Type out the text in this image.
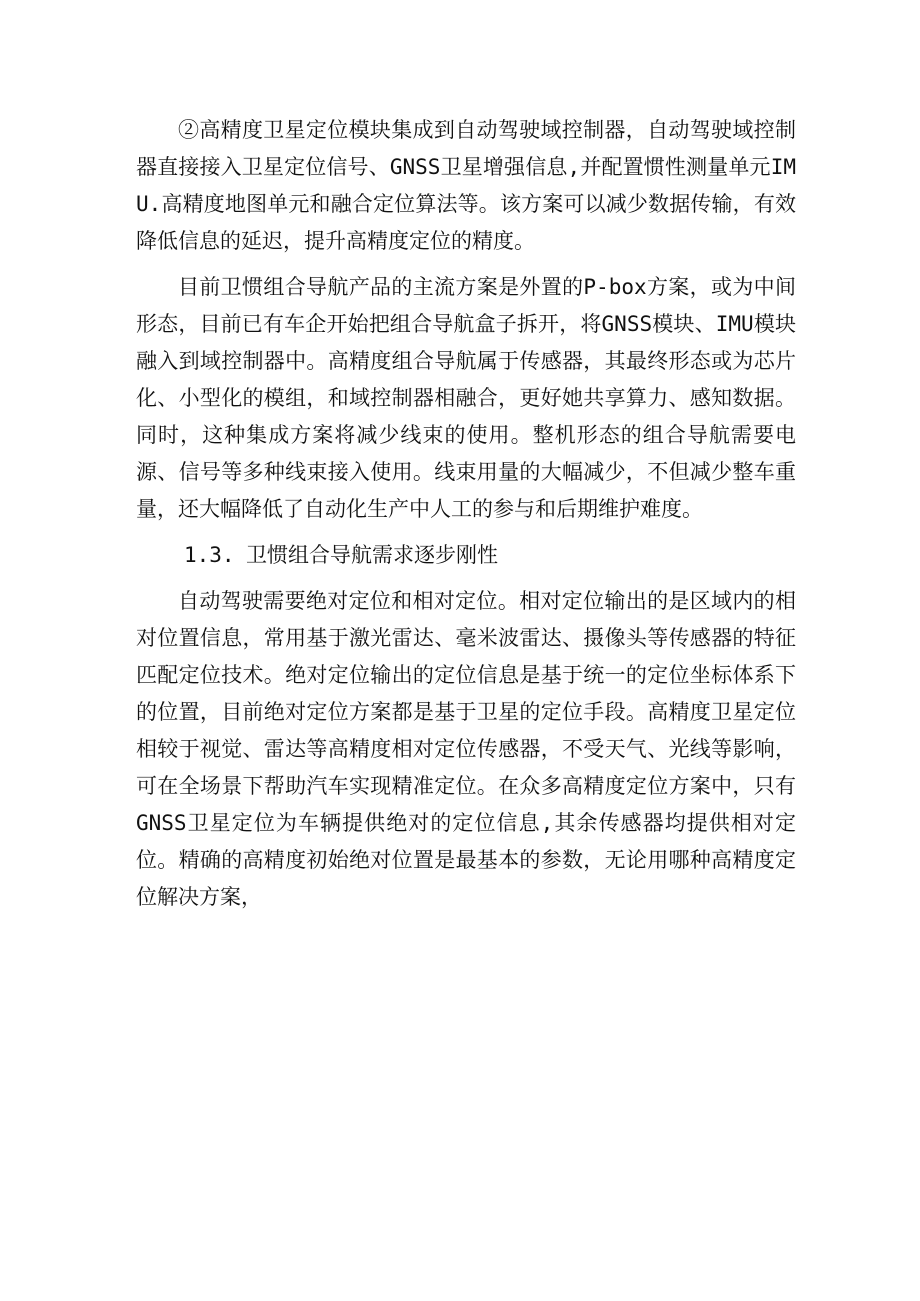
②高精度卫星定位模块集成到自动驾驶域控制器，自动驾驶域控制器直接接入卫星定位信号、GNSS卫星增强信息,并配置惯性测量单元IMU.高精度地图单元和融合定位算法等。该方案可以减少数据传输，有效降低信息的延迟，提升高精度定位的精度。

目前卫惯组合导航产品的主流方案是外置的P-box方案，或为中间形态，目前已有车企开始把组合导航盒子拆开，将GNSS模块、IMU模块融入到域控制器中。高精度组合导航属于传感器，其最终形态或为芯片化、小型化的模组，和域控制器相融合，更好她共享算力、感知数据。同时，这种集成方案将减少线束的使用。整机形态的组合导航需要电源、信号等多种线束接入使用。线束用量的大幅减少，不但减少整车重量，还大幅降低了自动化生产中人工的参与和后期维护难度。

1.3. 卫惯组合导航需求逐步刚性

自动驾驶需要绝对定位和相对定位。相对定位输出的是区域内的相对位置信息，常用基于激光雷达、毫米波雷达、摄像头等传感器的特征匹配定位技术。绝对定位输出的定位信息是基于统一的定位坐标体系下的位置，目前绝对定位方案都是基于卫星的定位手段。高精度卫星定位相较于视觉、雷达等高精度相对定位传感器，不受天气、光线等影响，可在全场景下帮助汽车实现精准定位。在众多高精度定位方案中，只有GNSS卫星定位为车辆提供绝对的定位信息,其余传感器均提供相对定位。精确的高精度初始绝对位置是最基本的参数，无论用哪种高精度定位解决方案，
